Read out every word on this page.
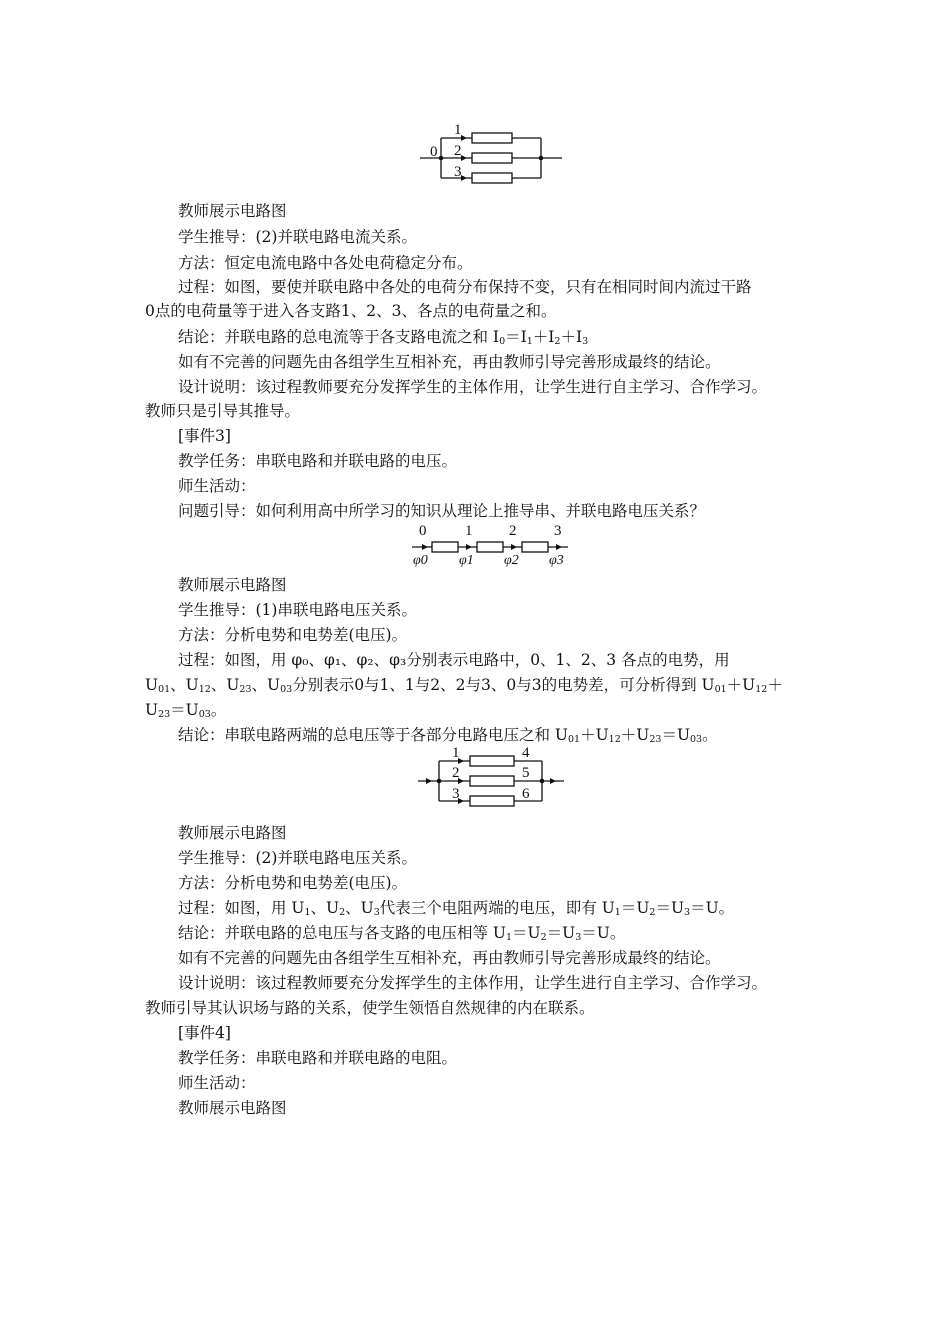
0
1
2
3
教师展示电路图
学生推导：(2)并联电路电流关系。
方法：恒定电流电路中各处电荷稳定分布。
过程：如图，要使并联电路中各处的电荷分布保持不变，只有在相同时间内流过干路
0点的电荷量等于进入各支路1、2、3、各点的电荷量之和。
结论：并联电路的总电流等于各支路电流之和 $I_0=I_1+I_2+I_3$
如有不完善的问题先由各组学生互相补充，再由教师引导完善形成最终的结论。
设计说明：该过程教师要充分发挥学生的主体作用，让学生进行自主学习、合作学习。
教师只是引导其推导。
[事件3]
教学任务：串联电路和并联电路的电压。
师生活动：
问题引导：如何利用高中所学习的知识从理论上推导串、并联电路电压关系？
0	1 2	3
φ0 φ1 φ2 φ3
教师展示电路图
学生推导：(1)串联电路电压关系。
方法：分析电势和电势差(电压)。
过程：如图，用 φ₀、φ₁、φ₂、φ₃分别表示电路中，0、1、2、3 各点的电势，用
$U_{01}$、$U_{12}$、$U_{23}$、$U_{03}$分别表示0与1、1与2、2与3、0与3的电势差，可分析得到 $U_{01}+U_{12}+$
$U_{23}=U_{03}$。
结论：串联电路两端的总电压等于各部分电路电压之和 $U_{01}+U_{12}+U_{23}=U_{03}$。
1
2
3
4
5
6
教师展示电路图
学生推导：(2)并联电路电压关系。
方法：分析电势和电势差(电压)。
过程：如图，用 $U_1$、$U_2$、$U_3$代表三个电阻两端的电压，即有 $U_1=U_2=U_3=U$。
结论：并联电路的总电压与各支路的电压相等 $U_1=U_2=U_3=U$。
如有不完善的问题先由各组学生互相补充，再由教师引导完善形成最终的结论。
设计说明：该过程教师要充分发挥学生的主体作用，让学生进行自主学习、合作学习。
教师引导其认识场与路的关系，使学生领悟自然规律的内在联系。
[事件4]
教学任务：串联电路和并联电路的电阻。
师生活动：
教师展示电路图
